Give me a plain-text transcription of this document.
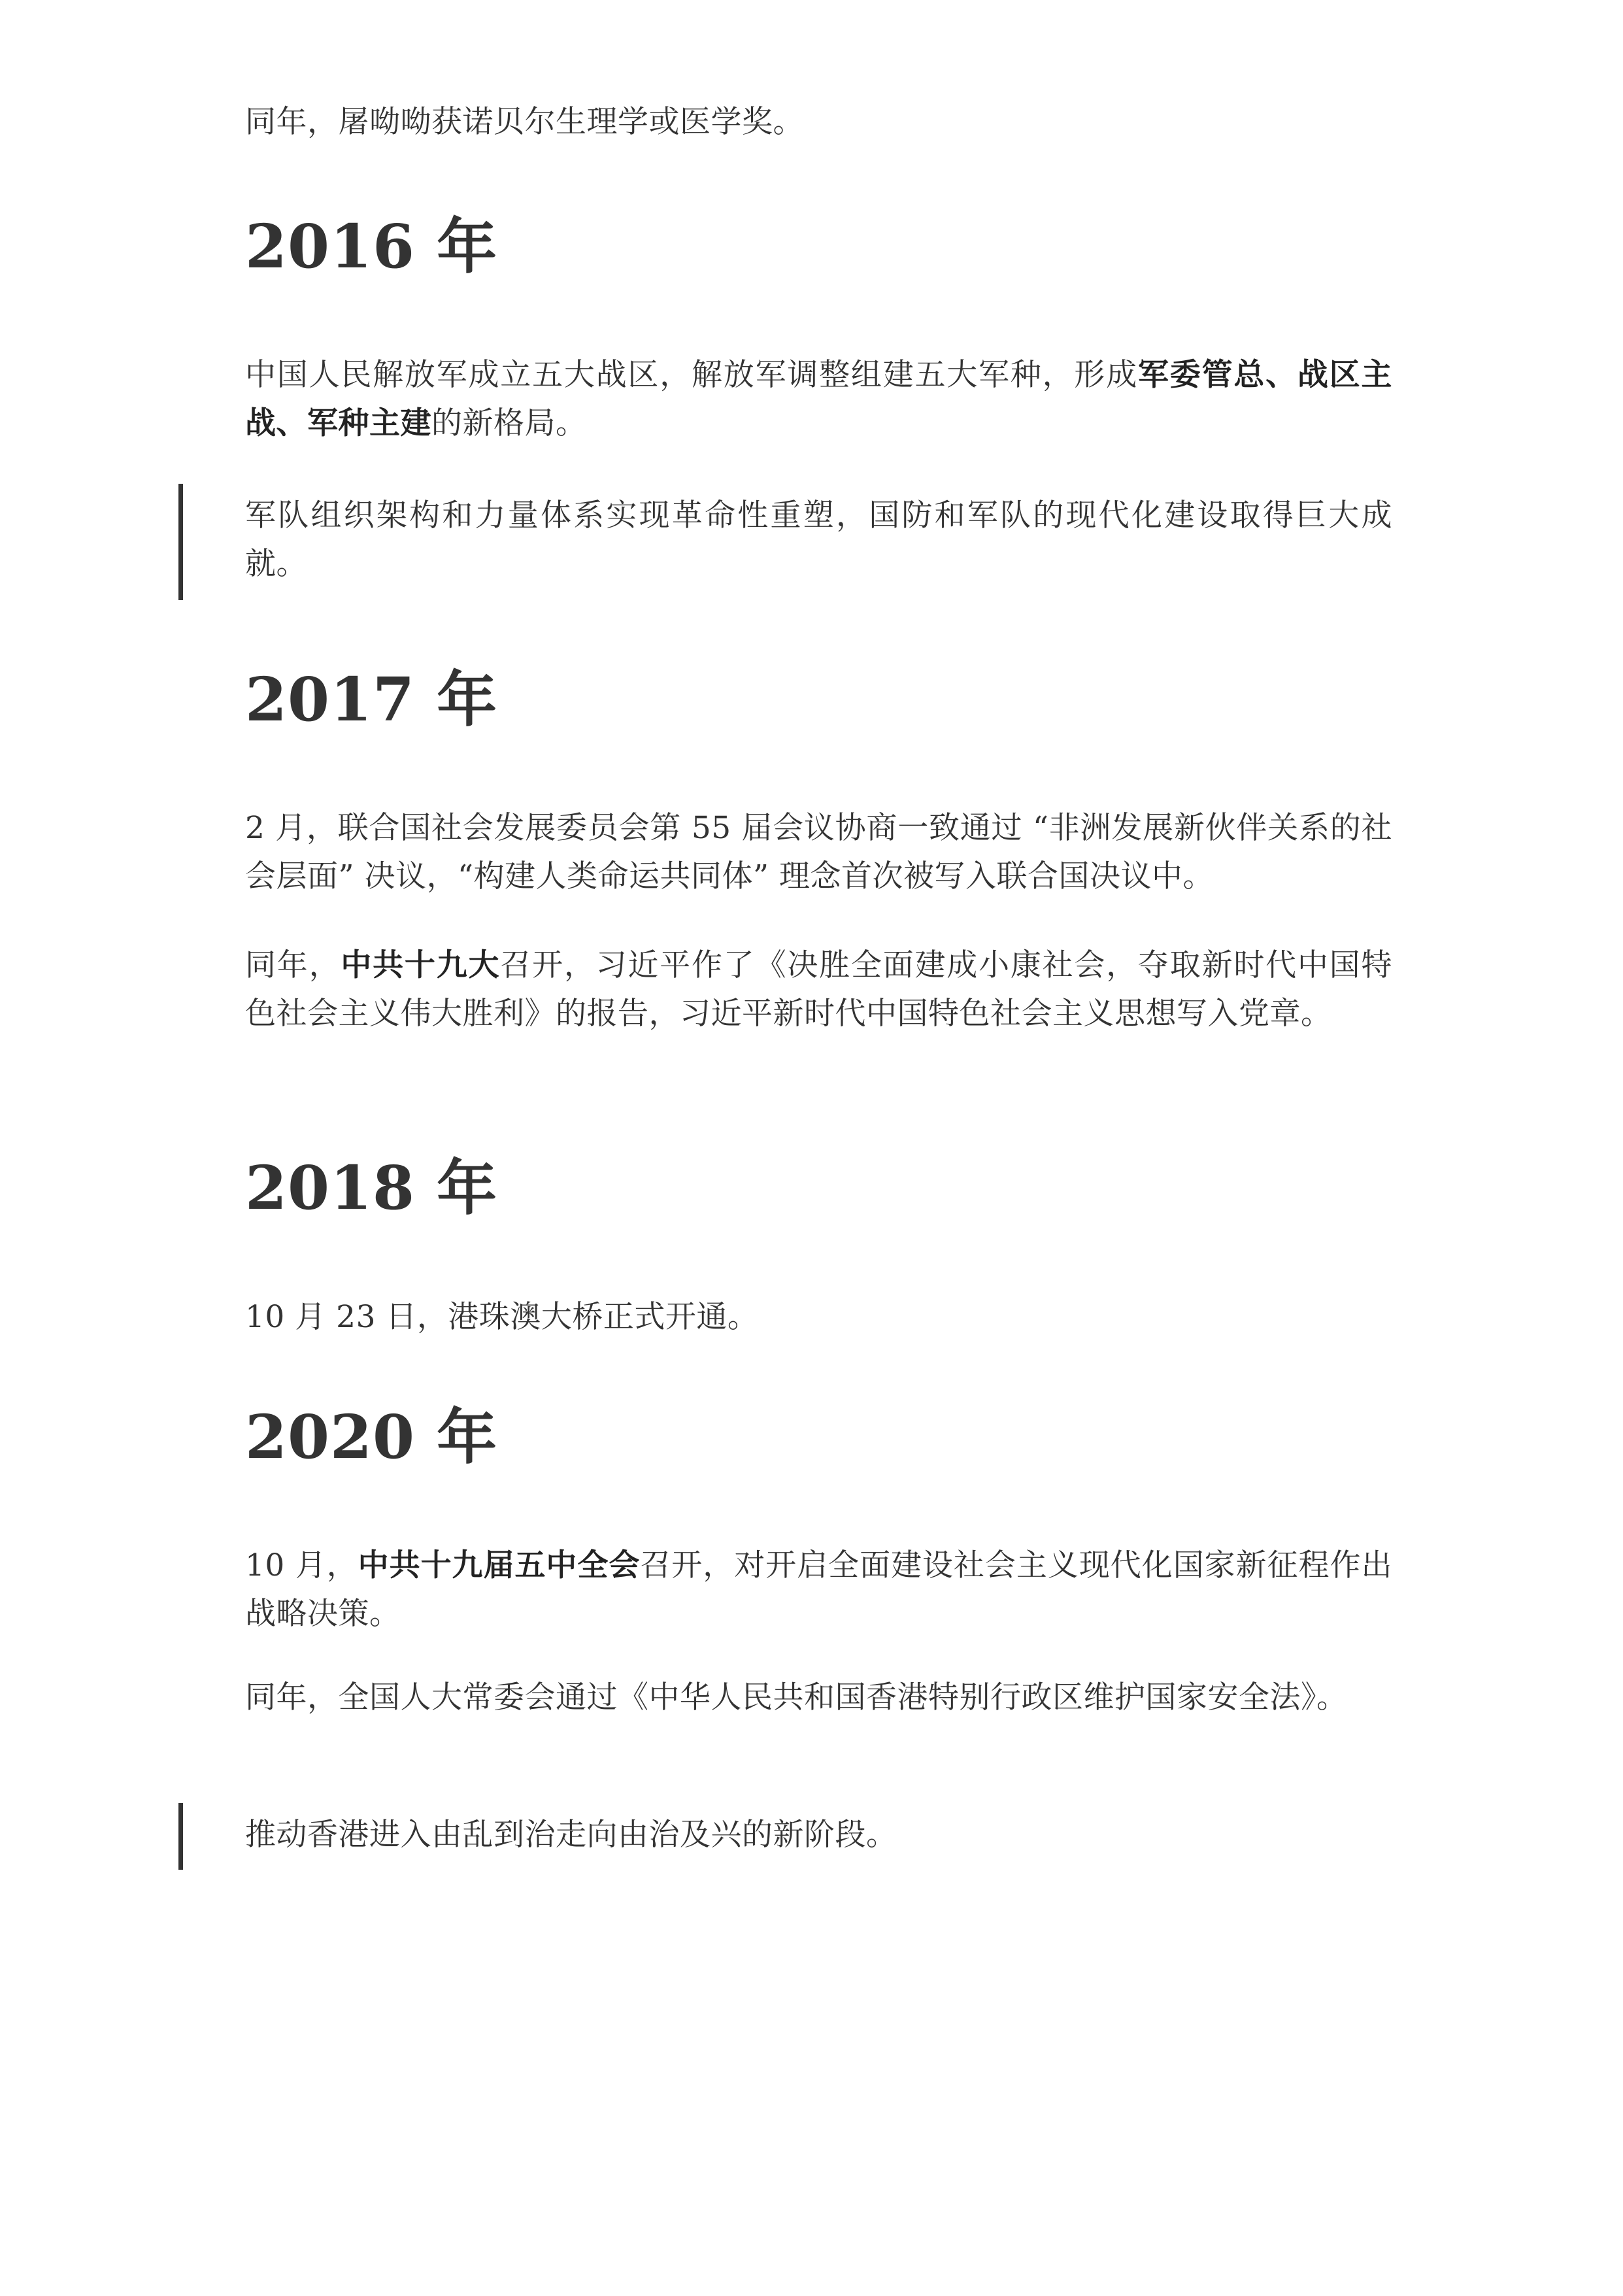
同年，屠呦呦获诺贝尔生理学或医学奖。

2016 年

中国人民解放军成立五大战区，解放军调整组建五大军种，形成军委管总、战区主战、军种主建的新格局。

军队组织架构和力量体系实现革命性重塑，国防和军队的现代化建设取得巨大成就。

2017 年

2 月，联合国社会发展委员会第 55 届会议协商一致通过 “非洲发展新伙伴关系的社会层面” 决议，“构建人类命运共同体” 理念首次被写入联合国决议中。

同年，中共十九大召开，习近平作了《决胜全面建成小康社会，夺取新时代中国特色社会主义伟大胜利》的报告，习近平新时代中国特色社会主义思想写入党章。

2018 年

10 月 23 日，港珠澳大桥正式开通。

2020 年

10 月，中共十九届五中全会召开，对开启全面建设社会主义现代化国家新征程作出战略决策。

同年，全国人大常委会通过《中华人民共和国香港特别行政区维护国家安全法》。

推动香港进入由乱到治走向由治及兴的新阶段。
